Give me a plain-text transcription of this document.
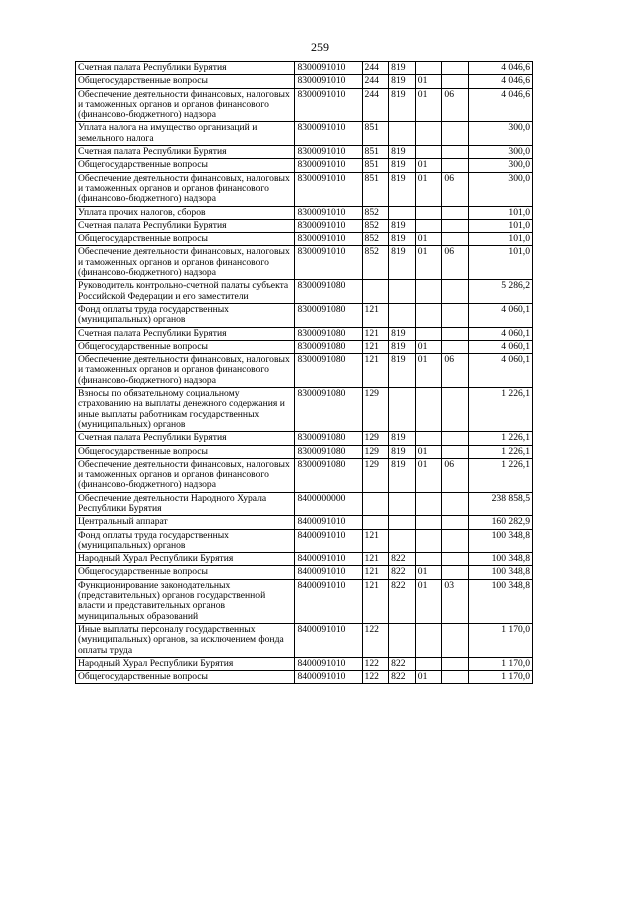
259
Счетная палата Республики Бурятия	8300091010	244	819			4 046,6
Общегосударственные вопросы	8300091010	244	819	01		4 046,6
Обеспечение деятельности финансовых, налоговых и таможенных органов и органов финансового (финансово-бюджетного) надзора	8300091010	244	819	01	06	4 046,6
Уплата налога на имущество организаций и земельного налога	8300091010	851				300,0
Счетная палата Республики Бурятия	8300091010	851	819			300,0
Общегосударственные вопросы	8300091010	851	819	01		300,0
Обеспечение деятельности финансовых, налоговых и таможенных органов и органов финансового (финансово-бюджетного) надзора	8300091010	851	819	01	06	300,0
Уплата прочих налогов, сборов	8300091010	852				101,0
Счетная палата Республики Бурятия	8300091010	852	819			101,0
Общегосударственные вопросы	8300091010	852	819	01		101,0
Обеспечение деятельности финансовых, налоговых и таможенных органов и органов финансового (финансово-бюджетного) надзора	8300091010	852	819	01	06	101,0
Руководитель контрольно-счетной палаты субъекта Российской Федерации и его заместители	8300091080					5 286,2
Фонд оплаты труда государственных (муниципальных) органов	8300091080	121				4 060,1
Счетная палата Республики Бурятия	8300091080	121	819			4 060,1
Общегосударственные вопросы	8300091080	121	819	01		4 060,1
Обеспечение деятельности финансовых, налоговых и таможенных органов и органов финансового (финансово-бюджетного) надзора	8300091080	121	819	01	06	4 060,1
Взносы по обязательному социальному страхованию на выплаты денежного содержания и иные выплаты работникам государственных (муниципальных) органов	8300091080	129				1 226,1
Счетная палата Республики Бурятия	8300091080	129	819			1 226,1
Общегосударственные вопросы	8300091080	129	819	01		1 226,1
Обеспечение деятельности финансовых, налоговых и таможенных органов и органов финансового (финансово-бюджетного) надзора	8300091080	129	819	01	06	1 226,1
Обеспечение деятельности Народного Хурала Республики Бурятия	8400000000					238 858,5
Центральный аппарат	8400091010					160 282,9
Фонд оплаты труда государственных (муниципальных) органов	8400091010	121				100 348,8
Народный Хурал Республики Бурятия	8400091010	121	822			100 348,8
Общегосударственные вопросы	8400091010	121	822	01		100 348,8
Функционирование законодательных (представительных) органов государственной власти и представительных органов муниципальных образований	8400091010	121	822	01	03	100 348,8
Иные выплаты персоналу государственных (муниципальных) органов, за исключением фонда оплаты труда	8400091010	122				1 170,0
Народный Хурал Республики Бурятия	8400091010	122	822			1 170,0
Общегосударственные вопросы	8400091010	122	822	01		1 170,0
